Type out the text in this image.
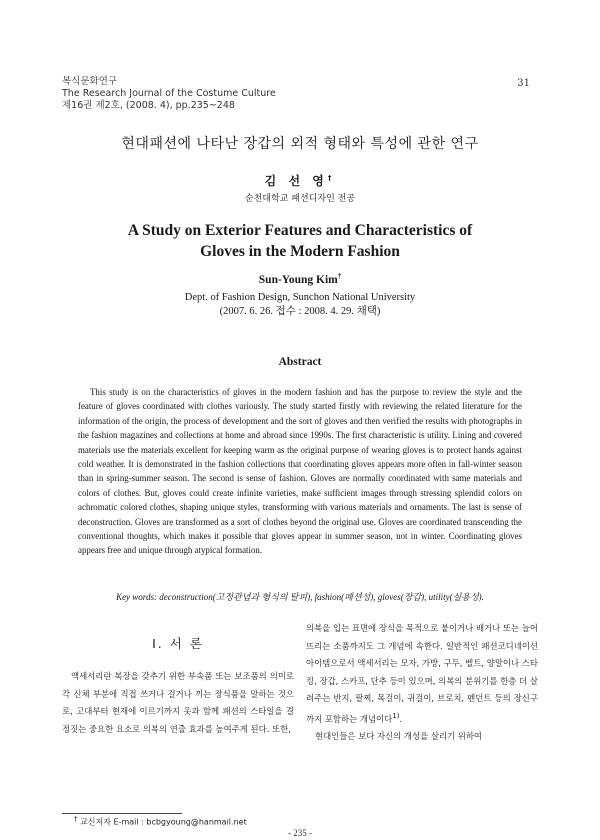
복식문화연구
The Research Journal of the Costume Culture
제16권 제2호, (2008. 4), pp.235~248
31
현대패션에 나타난 장갑의 외적 형태와 특성에 관한 연구
김 선 영†
순천대학교 패션디자인 전공
A Study on Exterior Features and Characteristics of
Gloves in the Modern Fashion
Sun-Young Kim†
Dept. of Fashion Design, Sunchon National University
(2007. 6. 26. 접수 : 2008. 4. 29. 채택)
Abstract

This study is on the characteristics of gloves in the modern fashion and has the purpose to review the style and the feature of gloves coordinated with clothes variously. The study started firstly with reviewing the related literature for the information of the origin, the process of development and the sort of gloves and then verified the results with photographs in the fashion magazines and collections at home and abroad since 1990s. The first characteristic is utility. Lining and covered materials use the materials excellent for keeping warm as the original purpose of wearing gloves is to protect hands against cold weather. It is demonstrated in the fashion collections that coordinating gloves appears more often in fall-winter season than in spring-summer season. The second is sense of fashion. Gloves are normally coordinated with same materials and colors of clothes. But, gloves could create infinite varieties, make sufficient images through stressing splendid colors on achromatic colored clothes, shaping unique styles, transforming with various materials and ornaments. The last is sense of deconstruction. Gloves are transformed as a sort of clothes beyond the original use. Gloves are coordinated transcending the conventional thoughts, which makes it possible that gloves appear in summer season, not in winter. Coordinating gloves appears free and unique through atypical formation.

Key words: deconstruction(고정관념과 형식의 탈피), fashion(패션성), gloves(장갑), utility(실용성).
Ⅰ. 서 론

액세서리란 복장을 갖추기 위한 부속품 또는 보조품의 의미로 각 신체 부분에 직접 쓰거나 걸거나 끼는 장식품을 말하는 것으로, 고대부터 현재에 이르기까지 옷과 함께 패션의 스타일을 결정짓는 중요한 요소로 의복의 연출 효과를 높여주게 된다. 또한,

의복을 입는 표면에 장식을 목적으로 붙이거나 배거나 또는 늘어뜨리는 소품까지도 그 개념에 속한다. 일반적인 패션코디네이션 아이템으로서 액세서리는 모자, 가방, 구두, 벨트, 양말이나 스타킹, 장갑, 스카프, 단추 등이 있으며, 의복의 분위기를 한층 더 살려주는 반지, 팔찌, 목걸이, 귀걸이, 브로치, 펜던트 등의 장신구까지 포함하는 개념이다$^{1)}$.

현대인들은 보다 자신의 개성을 살리기 위하여

† 교신저자 E-mail : bcbgyoung@hanmail.net
- 235 -
